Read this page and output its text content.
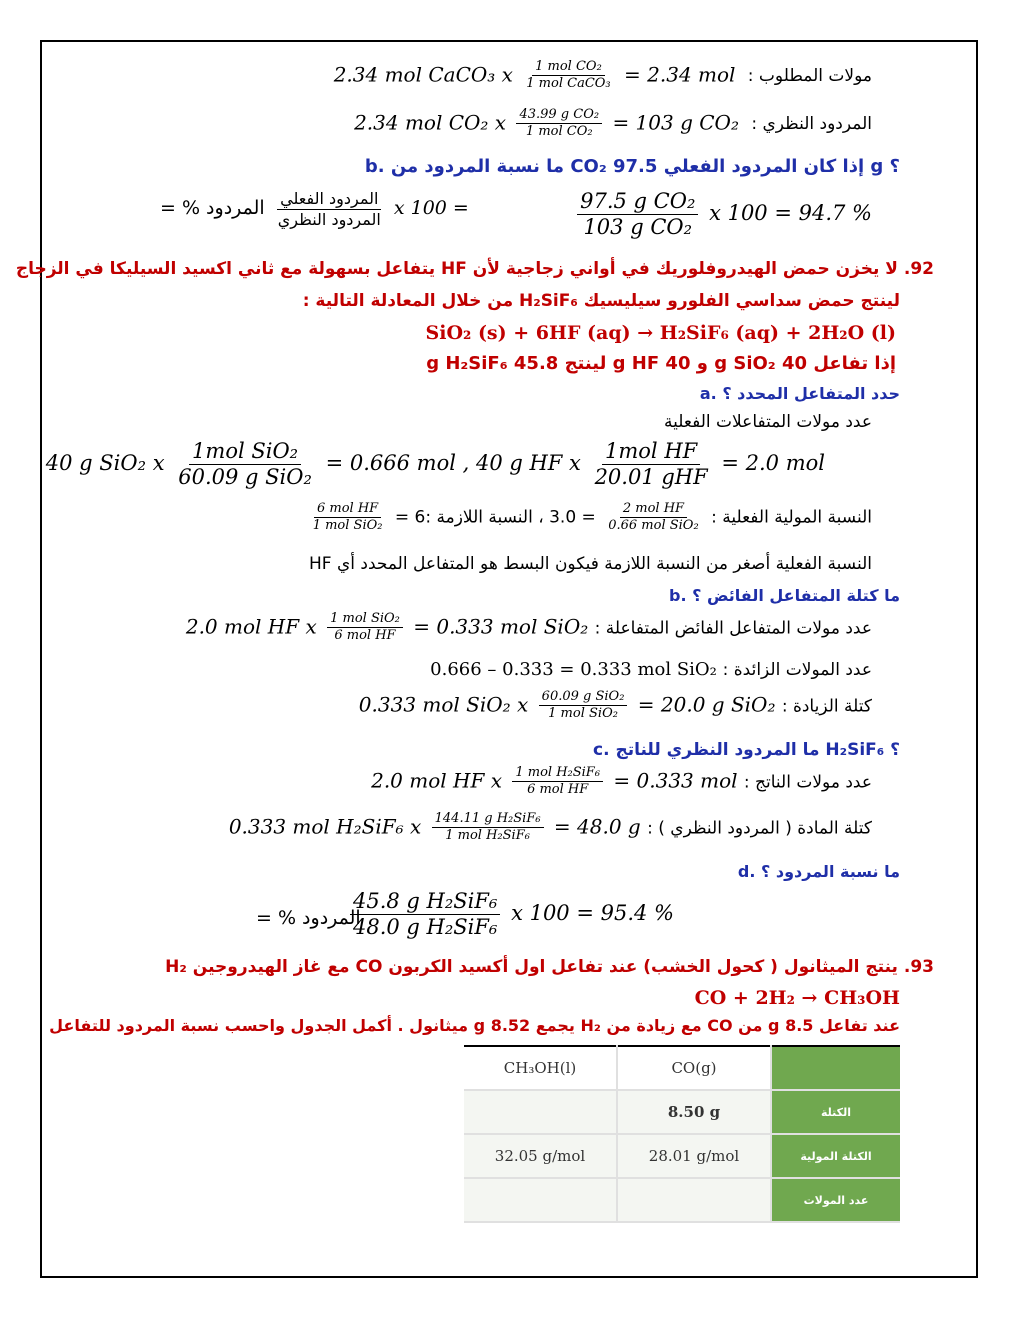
2.34 mol CaCO₃ x 1 mol CO₂
1 mol CaCO₃ = 2.34 mol مولات المطلوب :
2.34 mol CO₂ x 43.99 g CO₂
1 mol CO₂ = 103 g CO₂ المردود النظري :
b. ما نسبة المردود من CO₂ إذا كان المردود الفعلي 97.5 g ؟
$\frac{\text{97.5 g CO₂}}{\text{103 g CO₂}}$ x 100 = 94.7 %
المردود % = المردود الفعلي
المردود النظري x 100 =
92. لا يخزن حمض الهيدروفلوريك في أواني زجاجية لأن HF يتفاعل بسهولة مع ثاني اكسيد السيليكا في الزجاج
لينتج حمض سداسي الفلورو سيليسيك H₂SiF₆ من خلال المعادلة التالية :
SiO₂ (s) + 6HF (aq) → H₂SiF₆ (aq) + 2H₂O (l)
إذا تفاعل 40 g SiO₂ و 40 g HF لينتج 45.8 g H₂SiF₆
a. حدد المتفاعل المحدد ؟
عدد مولات المتفاعلات الفعلية
40 g SiO₂ x
1mol SiO₂
60.09 g SiO₂
= 0.666 mol , 40 g HF x
1mol HF
20.01 gHF
= 2.0 mol
6 mol HF
1 mol SiO₂ = 3.0 ، النسبة اللازمة :6 = 2 mol HF
0.66 mol SiO₂ النسبة المولية الفعلية :
النسبة الفعلية أصغر من النسبة اللازمة فيكون البسط هو المتفاعل المحدد أي HF
b. ما كتلة المتفاعل الفائض ؟
2.0 mol HF x 1 mol SiO₂
6 mol HF = 0.333 mol SiO₂ عدد مولات المتفاعل الفائض المتفاعلة :
0.666 – 0.333 = 0.333 mol SiO₂ عدد المولات الزائدة :
0.333 mol SiO₂ x 60.09 g SiO₂
1 mol SiO₂ = 20.0 g SiO₂ كتلة الزيادة :
c. ما المردود النظري للناتج H₂SiF₆ ؟
2.0 mol HF x 1 mol H₂SiF₆
6 mol HF = 0.333 mol عدد مولات الناتج :
0.333 mol H₂SiF₆ x 144.11 g H₂SiF₆
1 mol H₂SiF₆ = 48.0 g كتلة المادة ( المردود النظري ) :
d. ما نسبة المردود ؟
45.8 g H₂SiF₆
48.0 g H₂SiF₆
x 100 = 95.4 %
المردود % =
93. ينتج الميثانول ( كحول الخشب) عند تفاعل اول أكسيد الكربون CO مع غاز الهيدروجين H₂
CO + 2H₂ → CH₃OH
عند تفاعل 8.5 g من CO مع زيادة من H₂ يجمع 8.52 g ميثانول . أكمل الجدول واحسب نسبة المردود للتفاعل
CH₃OH(l)	CO(g)	
	8.50 g	الكتلة
32.05 g/mol	28.01 g/mol	الكتلة المولية
		عدد المولات
